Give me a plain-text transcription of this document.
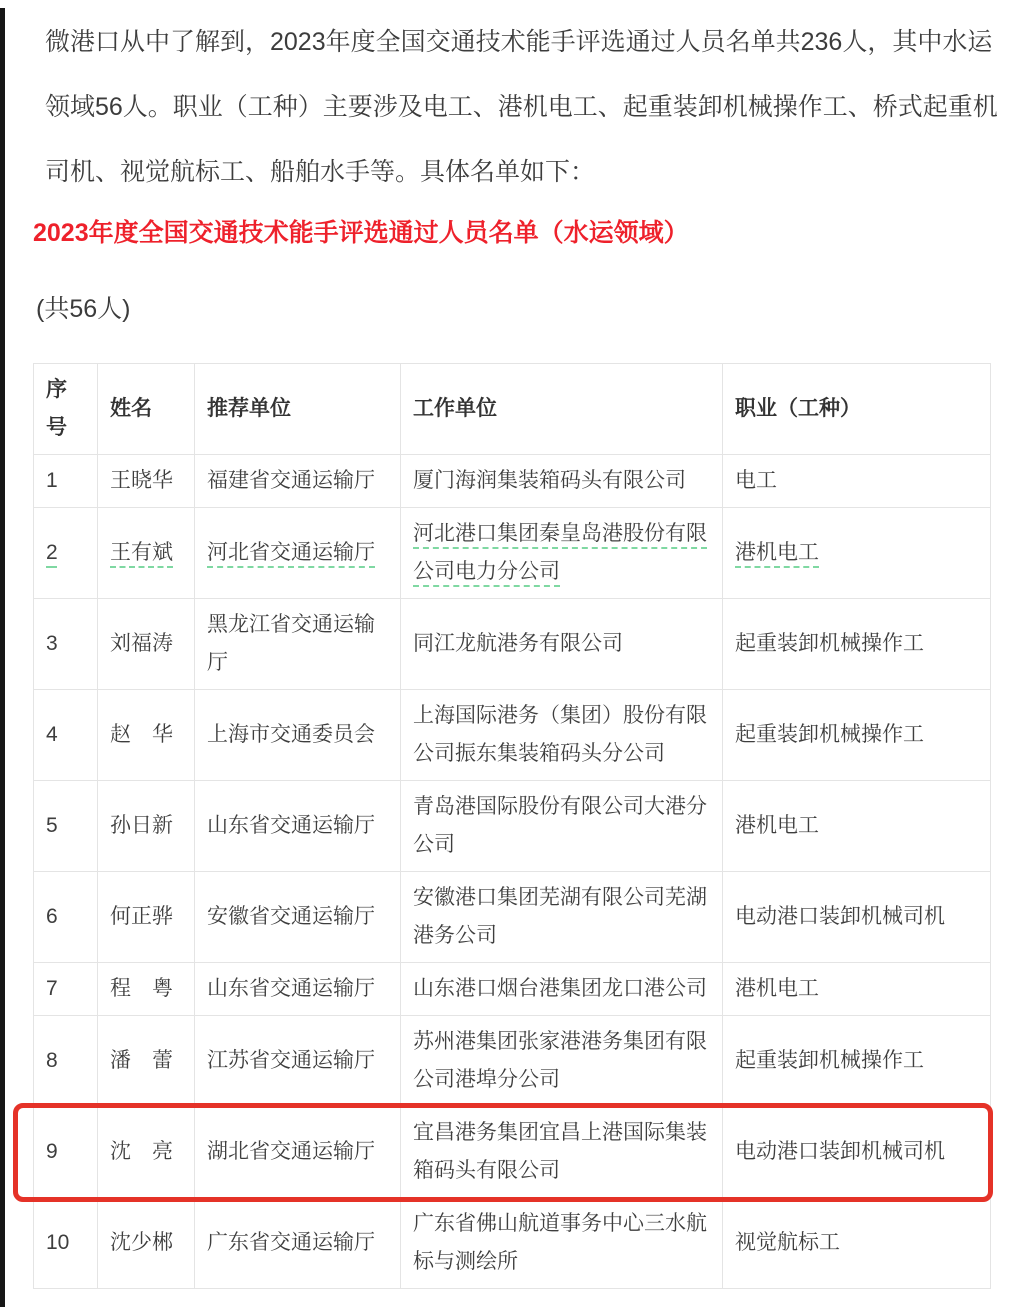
微港口从中了解到，2023年度全国交通技术能手评选通过人员名单共236人，其中水运领域56人。职业（工种）主要涉及电工、港机电工、起重装卸机械操作工、桥式起重机司机、视觉航标工、船舶水手等。具体名单如下：

2023年度全国交通技术能手评选通过人员名单（水运领域）

(共56人)

序号	姓名	推荐单位	工作单位	职业（工种）
1	王晓华	福建省交通运输厅	厦门海润集装箱码头有限公司	电工
2	王有斌	河北省交通运输厅	河北港口集团秦皇岛港股份有限公司电力分公司	港机电工
3	刘福涛	黑龙江省交通运输厅	同江龙航港务有限公司	起重装卸机械操作工
4	赵　华	上海市交通委员会	上海国际港务（集团）股份有限公司振东集装箱码头分公司	起重装卸机械操作工
5	孙日新	山东省交通运输厅	青岛港国际股份有限公司大港分公司	港机电工
6	何正骅	安徽省交通运输厅	安徽港口集团芜湖有限公司芜湖港务公司	电动港口装卸机械司机
7	程　粤	山东省交通运输厅	山东港口烟台港集团龙口港公司	港机电工
8	潘　蕾	江苏省交通运输厅	苏州港集团张家港港务集团有限公司港埠分公司	起重装卸机械操作工
9	沈　亮	湖北省交通运输厅	宜昌港务集团宜昌上港国际集装箱码头有限公司	电动港口装卸机械司机
10	沈少郴	广东省交通运输厅	广东省佛山航道事务中心三水航标与测绘所	视觉航标工
